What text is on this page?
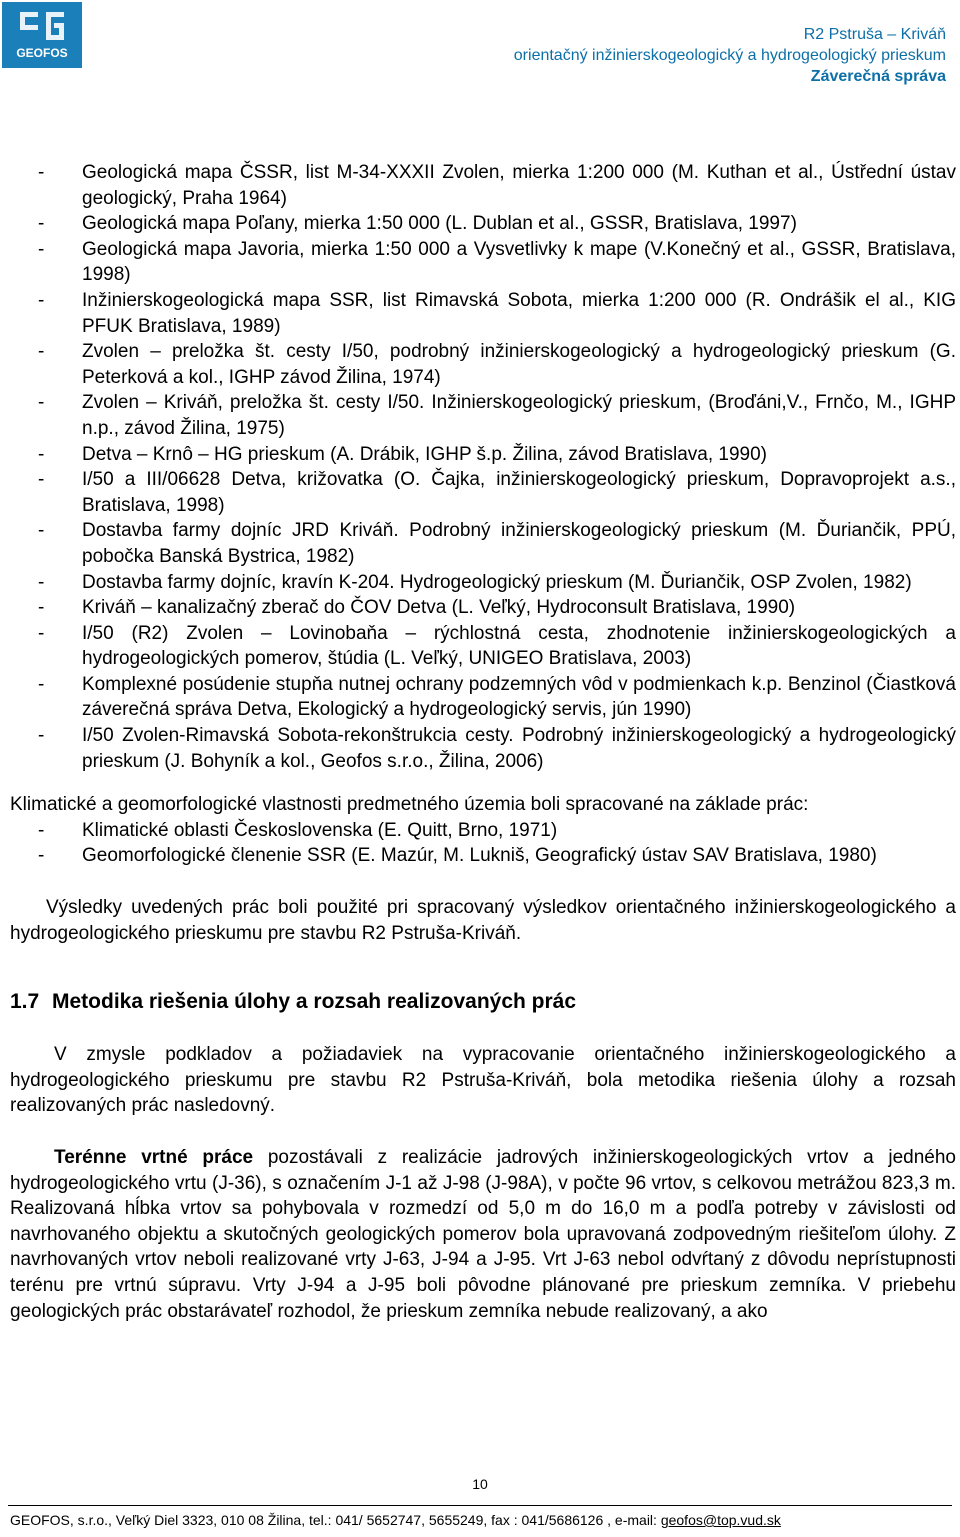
GEOFOS
R2 Pstruša – Kriváň
orientačný inžinierskogeologický a hydrogeologický prieskum
Záverečná správa
- Geologická mapa ČSSR, list M-34-XXXII Zvolen, mierka 1:200 000 (M. Kuthan et al., Ústřední ústav geologický, Praha 1964)
- Geologická mapa Poľany, mierka 1:50 000 (L. Dublan et al., GSSR, Bratislava, 1997)
- Geologická mapa Javoria, mierka 1:50 000 a Vysvetlivky k mape (V.Konečný et al., GSSR, Bratislava, 1998)
- Inžinierskogeologická mapa SSR, list Rimavská Sobota, mierka 1:200 000 (R. Ondrášik el al., KIG PFUK Bratislava, 1989)
- Zvolen – preložka št. cesty I/50, podrobný inžinierskogeologický a hydrogeologický prieskum (G. Peterková a kol., IGHP závod Žilina, 1974)
- Zvolen – Kriváň, preložka št. cesty I/50. Inžinierskogeologický prieskum, (Broďáni,V., Frnčo, M., IGHP n.p., závod Žilina, 1975)
- Detva – Krnô – HG prieskum (A. Drábik, IGHP š.p. Žilina, závod Bratislava, 1990)
- I/50 a III/06628 Detva, križovatka (O. Čajka, inžinierskogeologický prieskum, Dopravoprojekt a.s., Bratislava, 1998)
- Dostavba farmy dojníc JRD Kriváň. Podrobný inžinierskogeologický prieskum (M. Ďuriančik, PPÚ, pobočka Banská Bystrica, 1982)
- Dostavba farmy dojníc, kravín K-204. Hydrogeologický prieskum (M. Ďuriančik, OSP Zvolen, 1982)
- Kriváň – kanalizačný zberač do ČOV Detva (L. Veľký, Hydroconsult Bratislava, 1990)
- I/50 (R2) Zvolen – Lovinobaňa – rýchlostná cesta, zhodnotenie inžinierskogeologických a hydrogeologických pomerov, štúdia (L. Veľký, UNIGEO Bratislava, 2003)
- Komplexné posúdenie stupňa nutnej ochrany podzemných vôd v podmienkach k.p. Benzinol (Čiastková záverečná správa Detva, Ekologický a hydrogeologický servis, jún 1990)
- I/50 Zvolen-Rimavská Sobota-rekonštrukcia cesty. Podrobný inžinierskogeologický a hydrogeologický prieskum (J. Bohyník a kol., Geofos s.r.o., Žilina, 2006)

Klimatické a geomorfologické vlastnosti predmetného územia boli spracované na základe prác:

- Klimatické oblasti Československa (E. Quitt, Brno, 1971)
- Geomorfologické členenie SSR (E. Mazúr, M. Lukniš, Geografický ústav SAV Bratislava, 1980)

Výsledky uvedených prác boli použité pri spracovaný výsledkov orientačného inžinierskogeologického a hydrogeologického prieskumu pre stavbu R2 Pstruša-Kriváň.

1.7 Metodika riešenia úlohy a rozsah realizovaných prác

V zmysle podkladov a požiadaviek na vypracovanie orientačného inžinierskogeologického a hydrogeologického prieskumu pre stavbu R2 Pstruša-Kriváň, bola metodika riešenia úlohy a rozsah realizovaných prác nasledovný.

Terénne vrtné práce pozostávali z realizácie jadrových inžinierskogeologických vrtov a jedného hydrogeologického vrtu (J-36), s označením J-1 až J-98 (J-98A), v počte 96 vrtov, s celkovou metrážou 823,3 m. Realizovaná hĺbka vrtov sa pohybovala v rozmedzí od 5,0 m do 16,0 m a podľa potreby v závislosti od navrhovaného objektu a skutočných geologických pomerov bola upravovaná zodpovedným riešiteľom úlohy. Z navrhovaných vrtov neboli realizované vrty J-63, J-94 a J-95. Vrt J-63 nebol odvŕtaný z dôvodu neprístupnosti terénu pre vrtnú súpravu. Vrty J-94 a J-95 boli pôvodne plánované pre prieskum zemníka. V priebehu geologických prác obstarávateľ rozhodol, že prieskum zemníka nebude realizovaný, a ako

10
GEOFOS, s.r.o., Veľký Diel 3323, 010 08 Žilina, tel.: 041/ 5652747, 5655249, fax : 041/5686126 , e-mail: geofos@top.vud.sk
